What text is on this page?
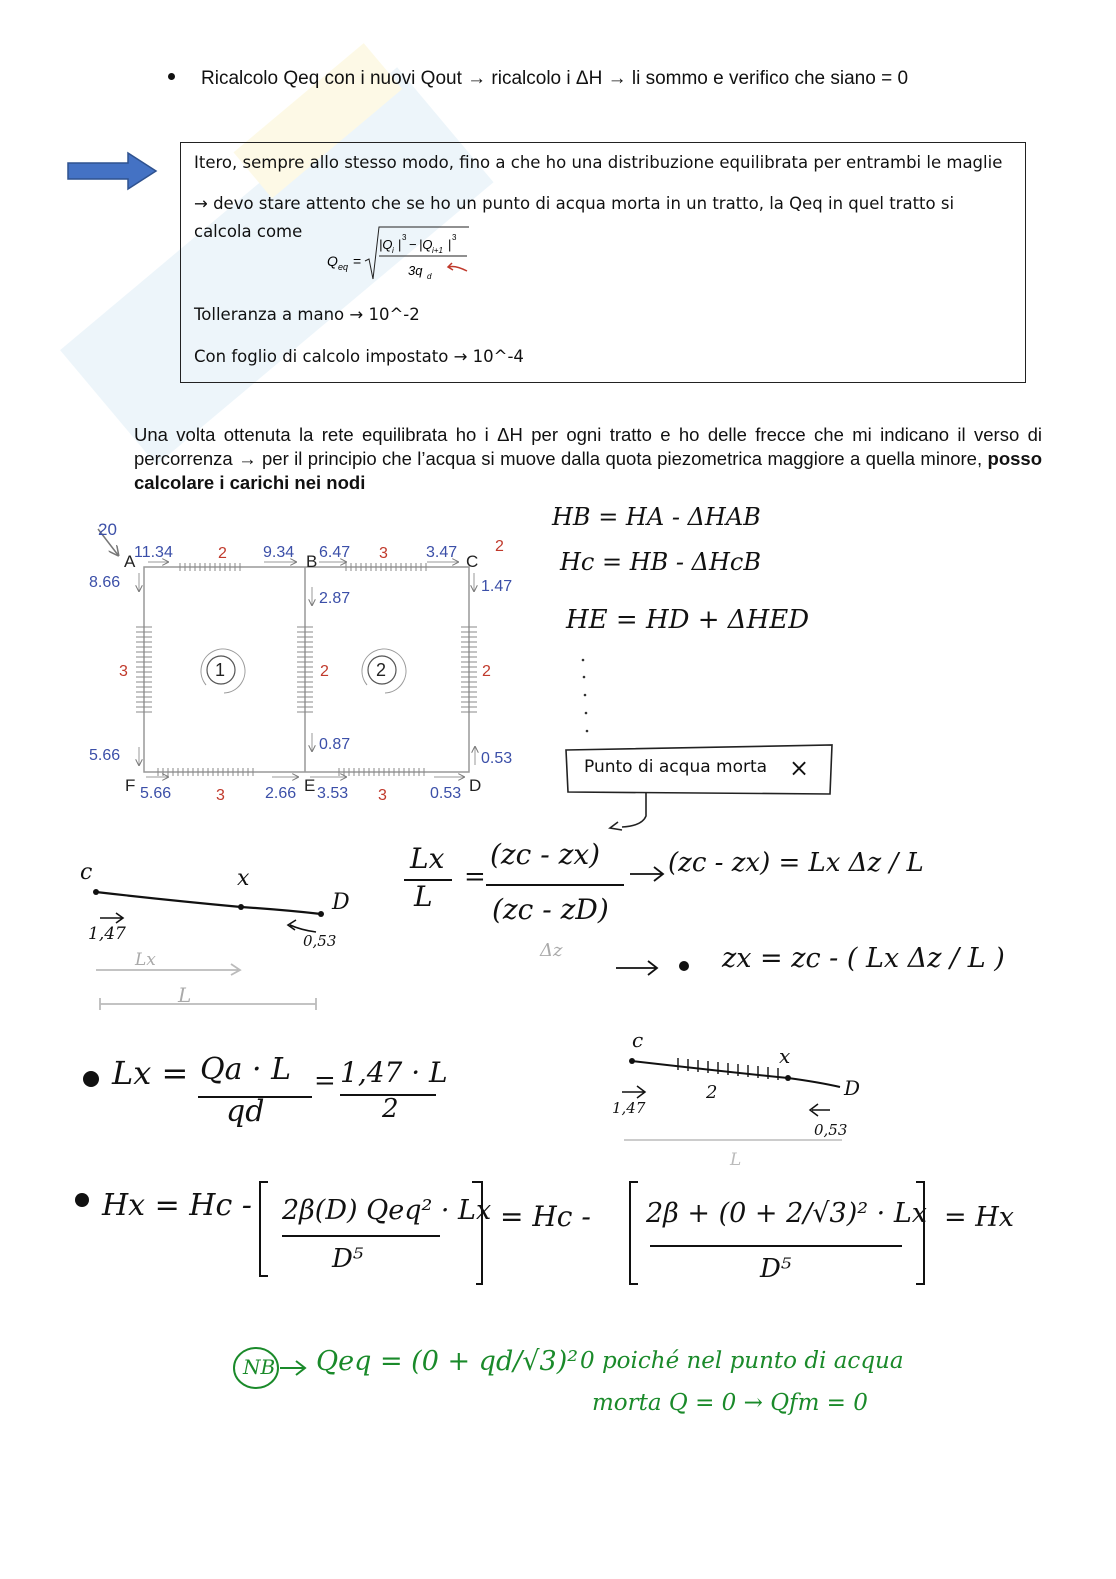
Ricalcolo Qeq con i nuovi Qout → ricalcolo i ΔH → li sommo e verifico che siano = 0

Itero, sempre allo stesso modo, fino a che ho una distribuzione equilibrata per entrambi le maglie

→ devo stare attento che se ho un punto di acqua morta in un tratto, la Qeq in quel tratto si

calcola come

Q eq =
|Q i | 3 − |Q i+1 | 3
3q d

Tolleranza a mano → 10^-2

Con foglio di calcolo impostato → 10^-4

Una volta ottenuta la rete equilibrata ho i ΔH per ogni tratto e ho delle frecce che mi indicano il verso di percorrenza → per il principio che l’acqua si muove dalla quota piezometrica maggiore a quella minore, posso calcolare i carichi nei nodi
20
A	B	C
F	E	D
11.34	9.34 6.47	3.47
8.66	1.47
2.87
0.87
5.66	0.53
5.66	2.66 3.53	0.53
2	3	2
3	2	2
3	3
1	2
HB = HA - ΔHAB
Hc = HB - ΔHcB
HE = HD + ΔHED
Punto di acqua morta ×
c	x
D
1,47	0,53
Lx
L
Lx
L
=
(zc - zx)
(zc - zD)
Δz
(zc - zx) = Lx Δz / L
zx = zc - ( Lx Δz / L )
Lx = Qa · L
qd
= 1,47 · L
2
c
x
D
2
1,47
0,53
L
Hx = Hc - 2β(D) Qeq² · Lx
D⁵
= Hc - 2β + (0 + 2/√3)² · Lx
D⁵
= Hx
NB Qeq = (0 + qd/√3)² 0 poiché nel punto di acqua
morta Q = 0 → Qfm = 0
